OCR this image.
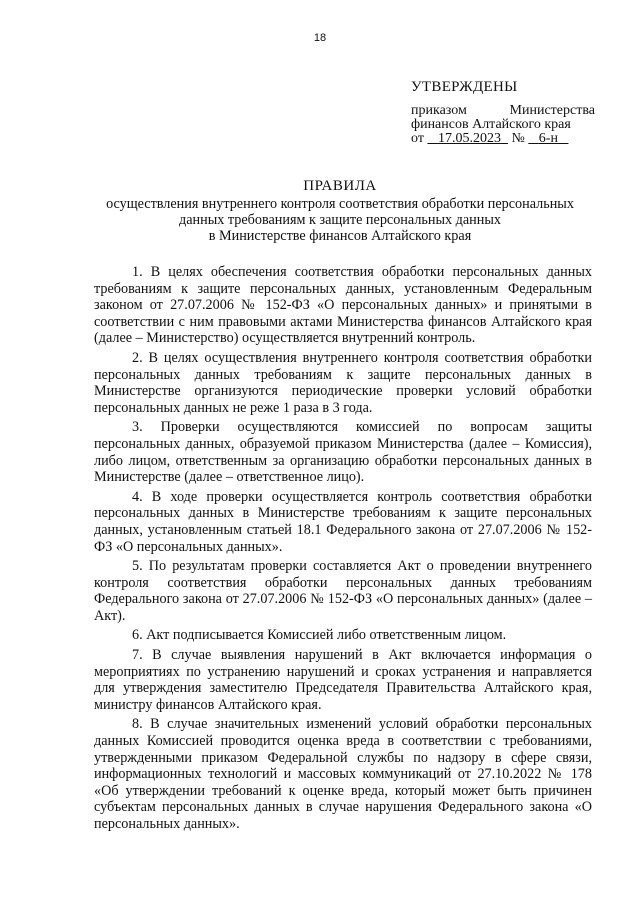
18
УТВЕРЖДЕНЫ
приказом	Министерства
финансов Алтайского края
от 17.05.2023 № 6-н
ПРАВИЛА
осуществления внутреннего контроля соответствия обработки персональных
данных требованиям к защите персональных данных
в Министерстве финансов Алтайского края

1. В целях обеспечения соответствия обработки персональных данных требованиям к защите персональных данных, установленным Федеральным законом от 27.07.2006 № 152-ФЗ «О персональных данных» и принятыми в соответствии с ним правовыми актами Министерства финансов Алтайского края (далее – Министерство) осуществляется внутренний контроль.

2. В целях осуществления внутреннего контроля соответствия обработки персональных данных требованиям к защите персональных данных в Министерстве организуются периодические проверки условий обработки персональных данных не реже 1 раза в 3 года.

3. Проверки осуществляются комиссией по вопросам защиты персональных данных, образуемой приказом Министерства (далее – Комиссия), либо лицом, ответственным за организацию обработки персональных данных в Министерстве (далее – ответственное лицо).

4. В ходе проверки осуществляется контроль соответствия обработки персональных данных в Министерстве требованиям к защите персональных данных, установленным статьей 18.1 Федерального закона от 27.07.2006 № 152-ФЗ «О персональных данных».

5. По результатам проверки составляется Акт о проведении внутреннего контроля соответствия обработки персональных данных требованиям Федерального закона от 27.07.2006 № 152-ФЗ «О персональных данных» (далее – Акт).

6. Акт подписывается Комиссией либо ответственным лицом.

7. В случае выявления нарушений в Акт включается информация о мероприятиях по устранению нарушений и сроках устранения и направляется для утверждения заместителю Председателя Правительства Алтайского края, министру финансов Алтайского края.

8. В случае значительных изменений условий обработки персональных данных Комиссией проводится оценка вреда в соответствии с требованиями, утвержденными приказом Федеральной службы по надзору в сфере связи, информационных технологий и массовых коммуникаций от 27.10.2022 № 178 «Об утверждении требований к оценке вреда, который может быть причинен субъектам персональных данных в случае нарушения Федерального закона «О персональных данных».
